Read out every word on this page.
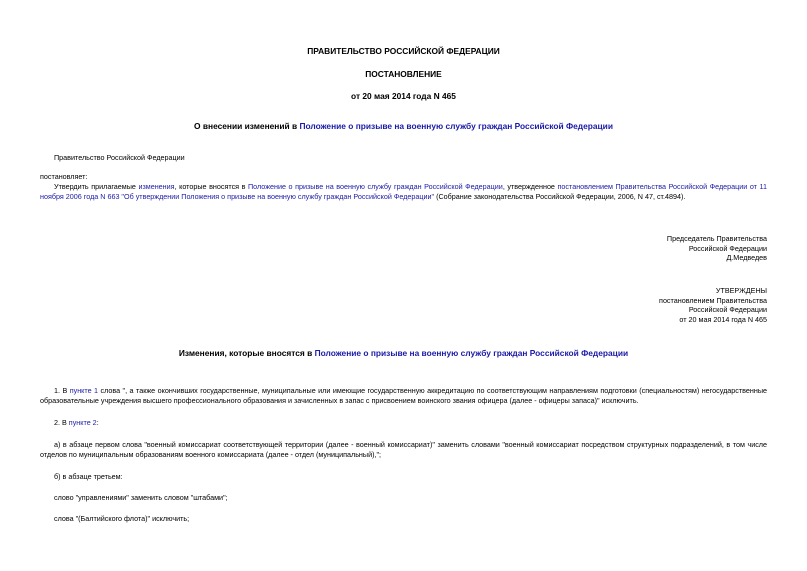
ПРАВИТЕЛЬСТВО РОССИЙСКОЙ ФЕДЕРАЦИИ
ПОСТАНОВЛЕНИЕ
от 20 мая 2014 года N 465
О внесении изменений в Положение о призыве на военную службу граждан Российской Федерации
Правительство Российской Федерации
постановляет:
Утвердить прилагаемые изменения, которые вносятся в Положение о призыве на военную службу граждан Российской Федерации, утвержденное постановлением Правительства Российской Федерации от 11 ноября 2006 года N 663 "Об утверждении Положения о призыве на военную службу граждан Российской Федерации" (Собрание законодательства Российской Федерации, 2006, N 47, ст.4894).
Председатель Правительства
Российской Федерации
Д.Медведев
УТВЕРЖДЕНЫ
постановлением Правительства
Российской Федерации
от 20 мая 2014 года N 465
Изменения, которые вносятся в Положение о призыве на военную службу граждан Российской Федерации
1. В пункте 1 слова ", а также окончивших государственные, муниципальные или имеющие государственную аккредитацию по соответствующим направлениям подготовки (специальностям) негосударственные образовательные учреждения высшего профессионального образования и зачисленных в запас с присвоением воинского звания офицера (далее - офицеры запаса)" исключить.
2. В пункте 2:
а) в абзаце первом слова "военный комиссариат соответствующей территории (далее - военный комиссариат)" заменить словами "военный комиссариат посредством структурных подразделений, в том числе отделов по муниципальным образованиям военного комиссариата (далее - отдел (муниципальный),";
б) в абзаце третьем:
слово "управлениями" заменить словом "штабами";
слова "(Балтийского флота)" исключить;
